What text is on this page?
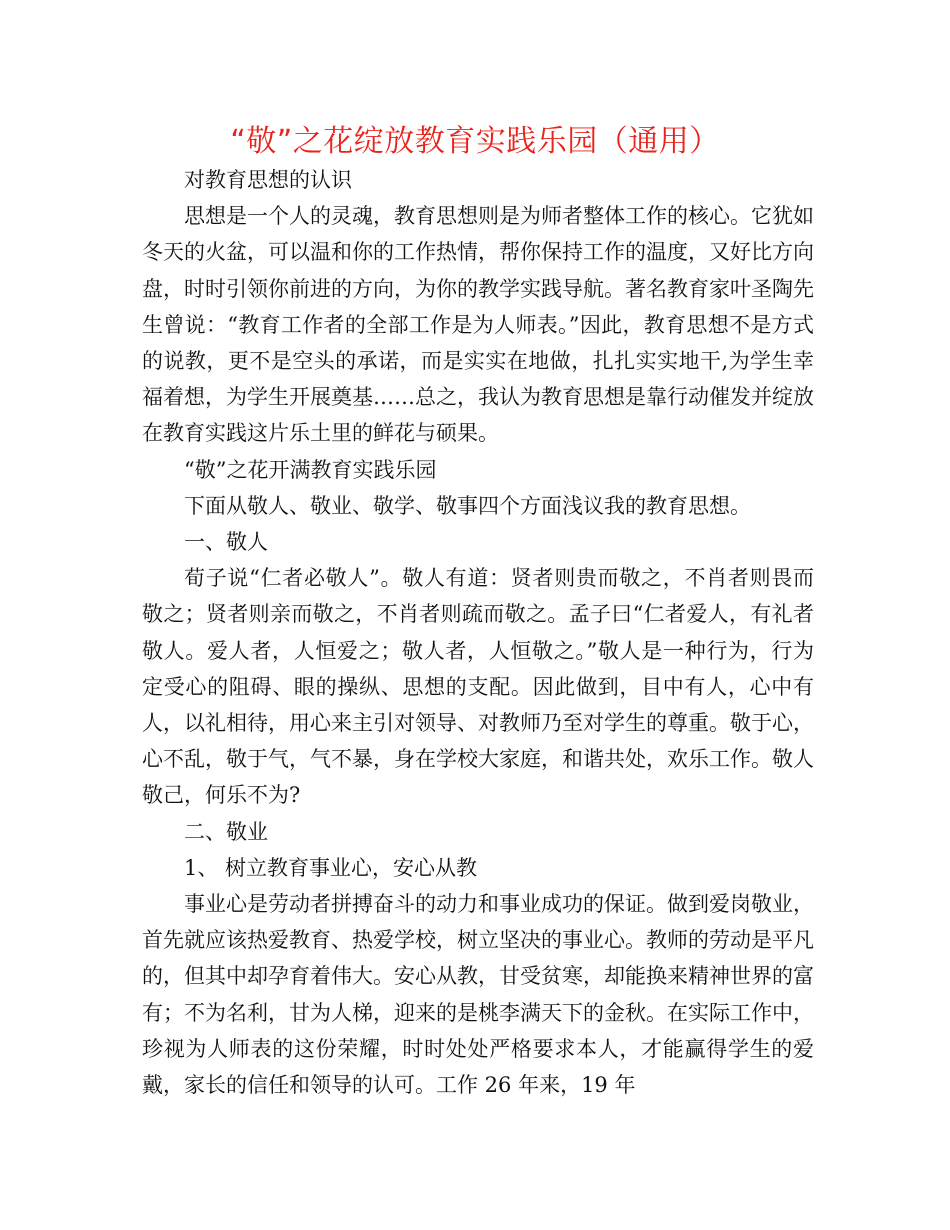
“敬”之花绽放教育实践乐园（通用）

对教育思想的认识

思想是一个人的灵魂，教育思想则是为师者整体工作的核心。它犹如冬天的火盆，可以温和你的工作热情，帮你保持工作的温度，又好比方向盘，时时引领你前进的方向，为你的教学实践导航。著名教育家叶圣陶先生曾说：“教育工作者的全部工作是为人师表。”因此，教育思想不是方式的说教，更不是空头的承诺，而是实实在地做，扎扎实实地干,为学生幸福着想，为学生开展奠基……总之，我认为教育思想是靠行动催发并绽放在教育实践这片乐土里的鲜花与硕果。

“敬”之花开满教育实践乐园

下面从敬人、敬业、敬学、敬事四个方面浅议我的教育思想。

一、敬人

荀子说“仁者必敬人”。敬人有道：贤者则贵而敬之，不肖者则畏而敬之；贤者则亲而敬之，不肖者则疏而敬之。孟子曰“仁者爱人，有礼者敬人。爱人者，人恒爱之；敬人者，人恒敬之。”敬人是一种行为，行为定受心的阻碍、眼的操纵、思想的支配。因此做到，目中有人，心中有人，以礼相待，用心来主引对领导、对教师乃至对学生的尊重。敬于心，心不乱，敬于气，气不暴，身在学校大家庭，和谐共处，欢乐工作。敬人敬己，何乐不为?

二、敬业

1、 树立教育事业心，安心从教

事业心是劳动者拼搏奋斗的动力和事业成功的保证。做到爱岗敬业，首先就应该热爱教育、热爱学校，树立坚决的事业心。教师的劳动是平凡的，但其中却孕育着伟大。安心从教，甘受贫寒，却能换来精神世界的富有；不为名利，甘为人梯，迎来的是桃李满天下的金秋。在实际工作中，珍视为人师表的这份荣耀，时时处处严格要求本人，才能赢得学生的爱戴，家长的信任和领导的认可。工作 26 年来，19 年
